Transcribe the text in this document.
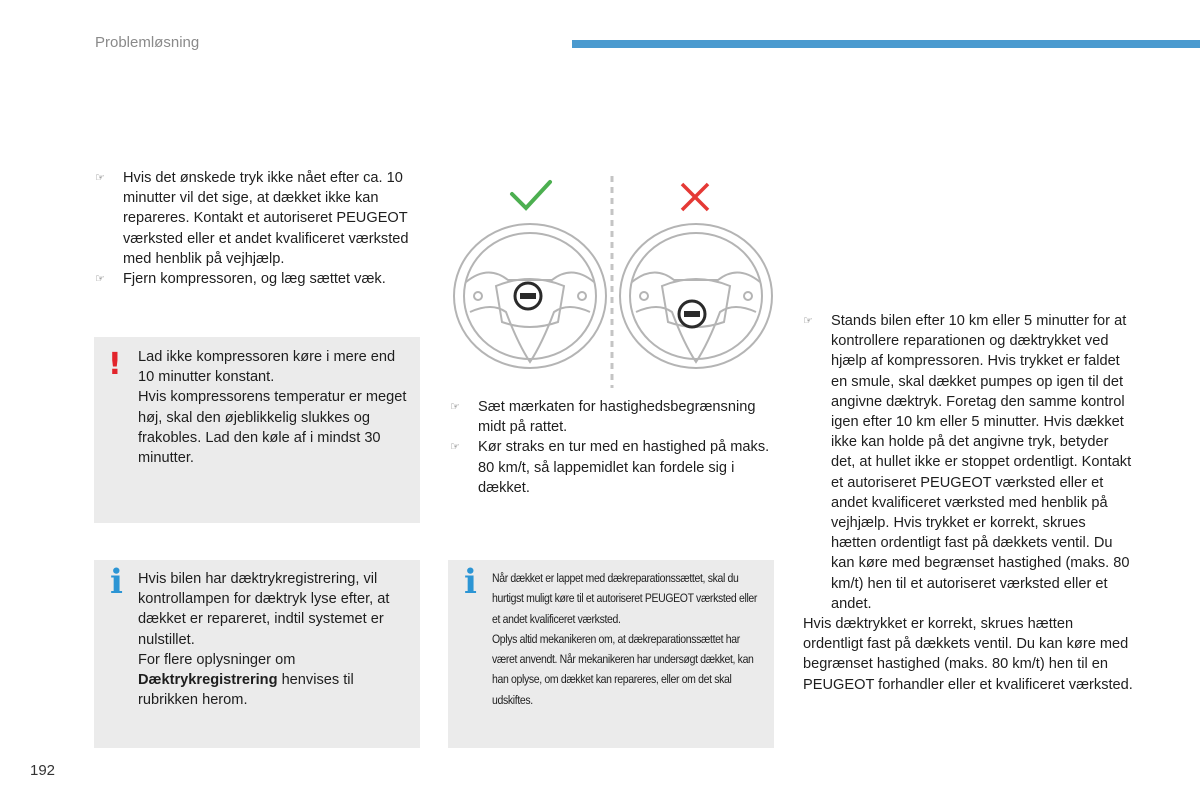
Problemløsning
☞ Hvis det ønskede tryk ikke nået efter ca. 10 minutter vil det sige, at dækket ikke kan repareres. Kontakt et autoriseret PEUGEOT værksted eller et andet kvalificeret værksted med henblik på vejhjælp.
☞ Fjern kompressoren, og læg sættet væk.
! Lad ikke kompressoren køre i mere end 10 minutter konstant.
Hvis kompressorens temperatur er meget høj, skal den øjeblikkelig slukkes og frakobles. Lad den køle af i mindst 30 minutter.
i Hvis bilen har dæktrykregistrering, vil kontrollampen for dæktryk lyse efter, at dækket er repareret, indtil systemet er nulstillet.
For flere oplysninger om Dæktrykregistrering henvises til rubrikken herom.
☞ Sæt mærkaten for hastighedsbegrænsning midt på rattet.
☞ Kør straks en tur med en hastighed på maks. 80 km/t, så lappemidlet kan fordele sig i dækket.
i Når dækket er lappet med dækreparationssættet, skal du hurtigst muligt køre til et autoriseret PEUGEOT værksted eller et andet kvalificeret værksted.
Oplys altid mekanikeren om, at dækreparationssættet har været anvendt. Når mekanikeren har undersøgt dækket, kan han oplyse, om dækket kan repareres, eller om det skal udskiftes.
☞ Stands bilen efter 10 km eller 5 minutter for at kontrollere reparationen og dæktrykket ved hjælp af kompressoren. Hvis trykket er faldet en smule, skal dækket pumpes op igen til det angivne dæktryk. Foretag den samme kontrol igen efter 10 km eller 5 minutter. Hvis dækket ikke kan holde på det angivne tryk, betyder det, at hullet ikke er stoppet ordentligt. Kontakt et autoriseret PEUGEOT værksted eller et andet kvalificeret værksted med henblik på vejhjælp. Hvis trykket er korrekt, skrues hætten ordentligt fast på dækkets ventil. Du kan køre med begrænset hastighed (maks. 80 km/t) hen til et autoriseret værksted eller et andet.
Hvis dæktrykket er korrekt, skrues hætten ordentligt fast på dækkets ventil. Du kan køre med begrænset hastighed (maks. 80 km/t) hen til en PEUGEOT forhandler eller et kvalificeret værksted.
192
